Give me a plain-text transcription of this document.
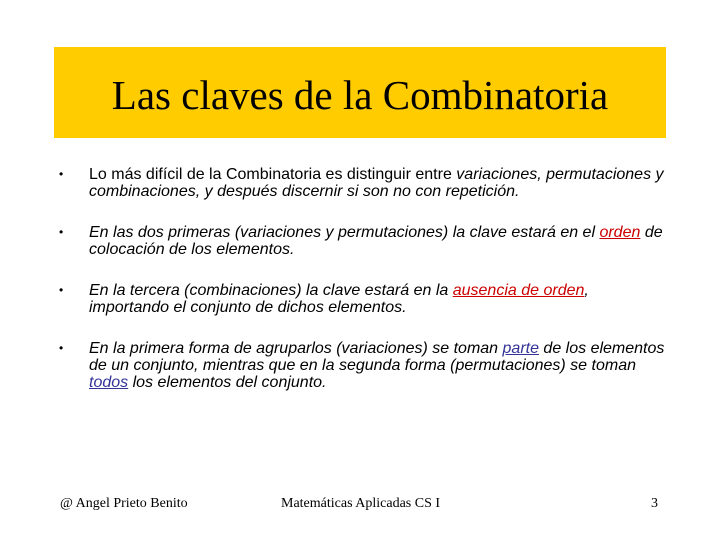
Las claves de la Combinatoria
• Lo más difícil de la Combinatoria es distinguir entre variaciones, permutaciones y combinaciones, y después discernir si son no con repetición.
• En las dos primeras (variaciones y permutaciones) la clave estará en el orden de colocación de los elementos.
• En la tercera (combinaciones) la clave estará en la ausencia de orden, importando el conjunto de dichos elementos.
• En la primera forma de agruparlos (variaciones) se toman parte de los elementos de un conjunto, mientras que en la segunda forma (permutaciones) se toman todos los elementos del conjunto.
@ Angel Prieto Benito	Matemáticas Aplicadas CS I	3
